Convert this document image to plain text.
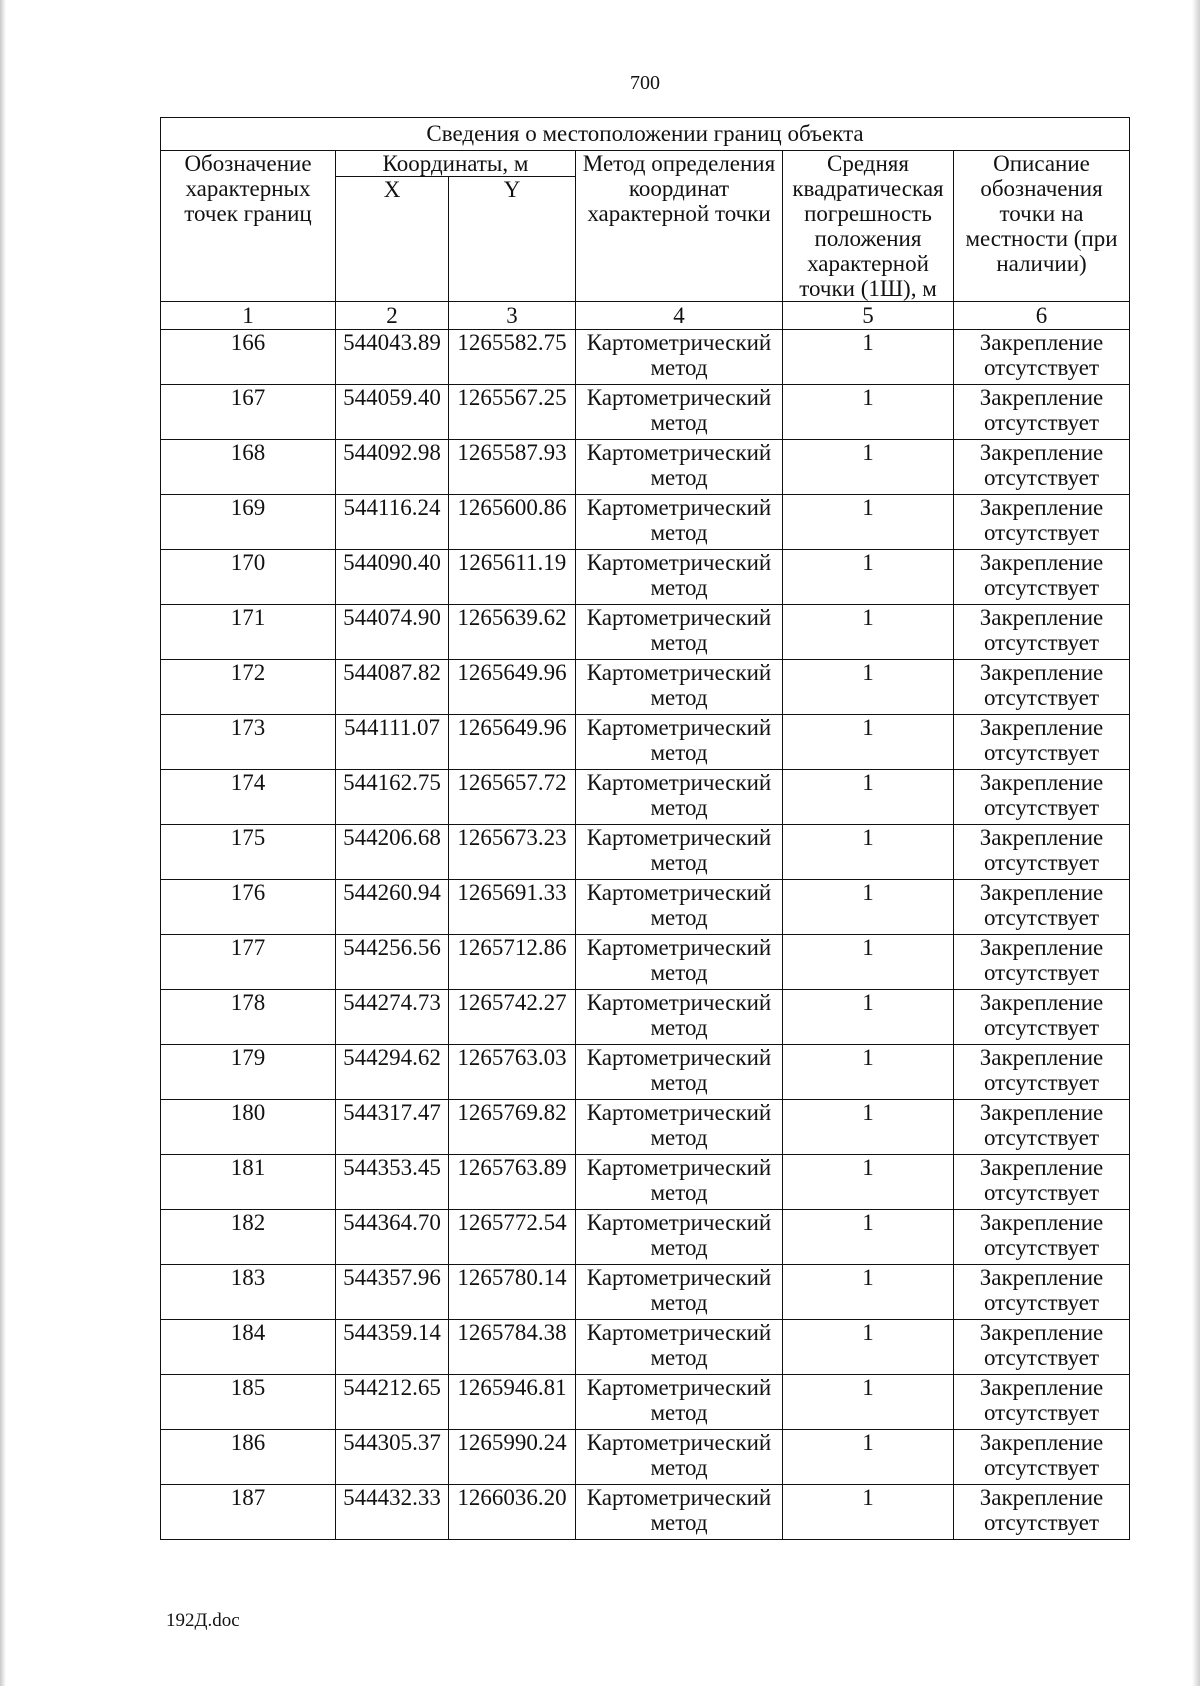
700
Сведения о местоположении границ объекта					
Обозначение характерных точек границ	Координаты, м		Метод определения координат характерной точки	Средняя квадратическая погрешность положения характерной точки (1Ш), м	Описание обозначения точки на местности (при наличии)
	X	Y			
1	2	3	4	5	6
166	544043.89	1265582.75	Картометрический метод	1	Закрепление отсутствует
167	544059.40	1265567.25	Картометрический метод	1	Закрепление отсутствует
168	544092.98	1265587.93	Картометрический метод	1	Закрепление отсутствует
169	544116.24	1265600.86	Картометрический метод	1	Закрепление отсутствует
170	544090.40	1265611.19	Картометрический метод	1	Закрепление отсутствует
171	544074.90	1265639.62	Картометрический метод	1	Закрепление отсутствует
172	544087.82	1265649.96	Картометрический метод	1	Закрепление отсутствует
173	544111.07	1265649.96	Картометрический метод	1	Закрепление отсутствует
174	544162.75	1265657.72	Картометрический метод	1	Закрепление отсутствует
175	544206.68	1265673.23	Картометрический метод	1	Закрепление отсутствует
176	544260.94	1265691.33	Картометрический метод	1	Закрепление отсутствует
177	544256.56	1265712.86	Картометрический метод	1	Закрепление отсутствует
178	544274.73	1265742.27	Картометрический метод	1	Закрепление отсутствует
179	544294.62	1265763.03	Картометрический метод	1	Закрепление отсутствует
180	544317.47	1265769.82	Картометрический метод	1	Закрепление отсутствует
181	544353.45	1265763.89	Картометрический метод	1	Закрепление отсутствует
182	544364.70	1265772.54	Картометрический метод	1	Закрепление отсутствует
183	544357.96	1265780.14	Картометрический метод	1	Закрепление отсутствует
184	544359.14	1265784.38	Картометрический метод	1	Закрепление отсутствует
185	544212.65	1265946.81	Картометрический метод	1	Закрепление отсутствует
186	544305.37	1265990.24	Картометрический метод	1	Закрепление отсутствует
187	544432.33	1266036.20	Картометрический метод	1	Закрепление отсутствует
192Д.doc
